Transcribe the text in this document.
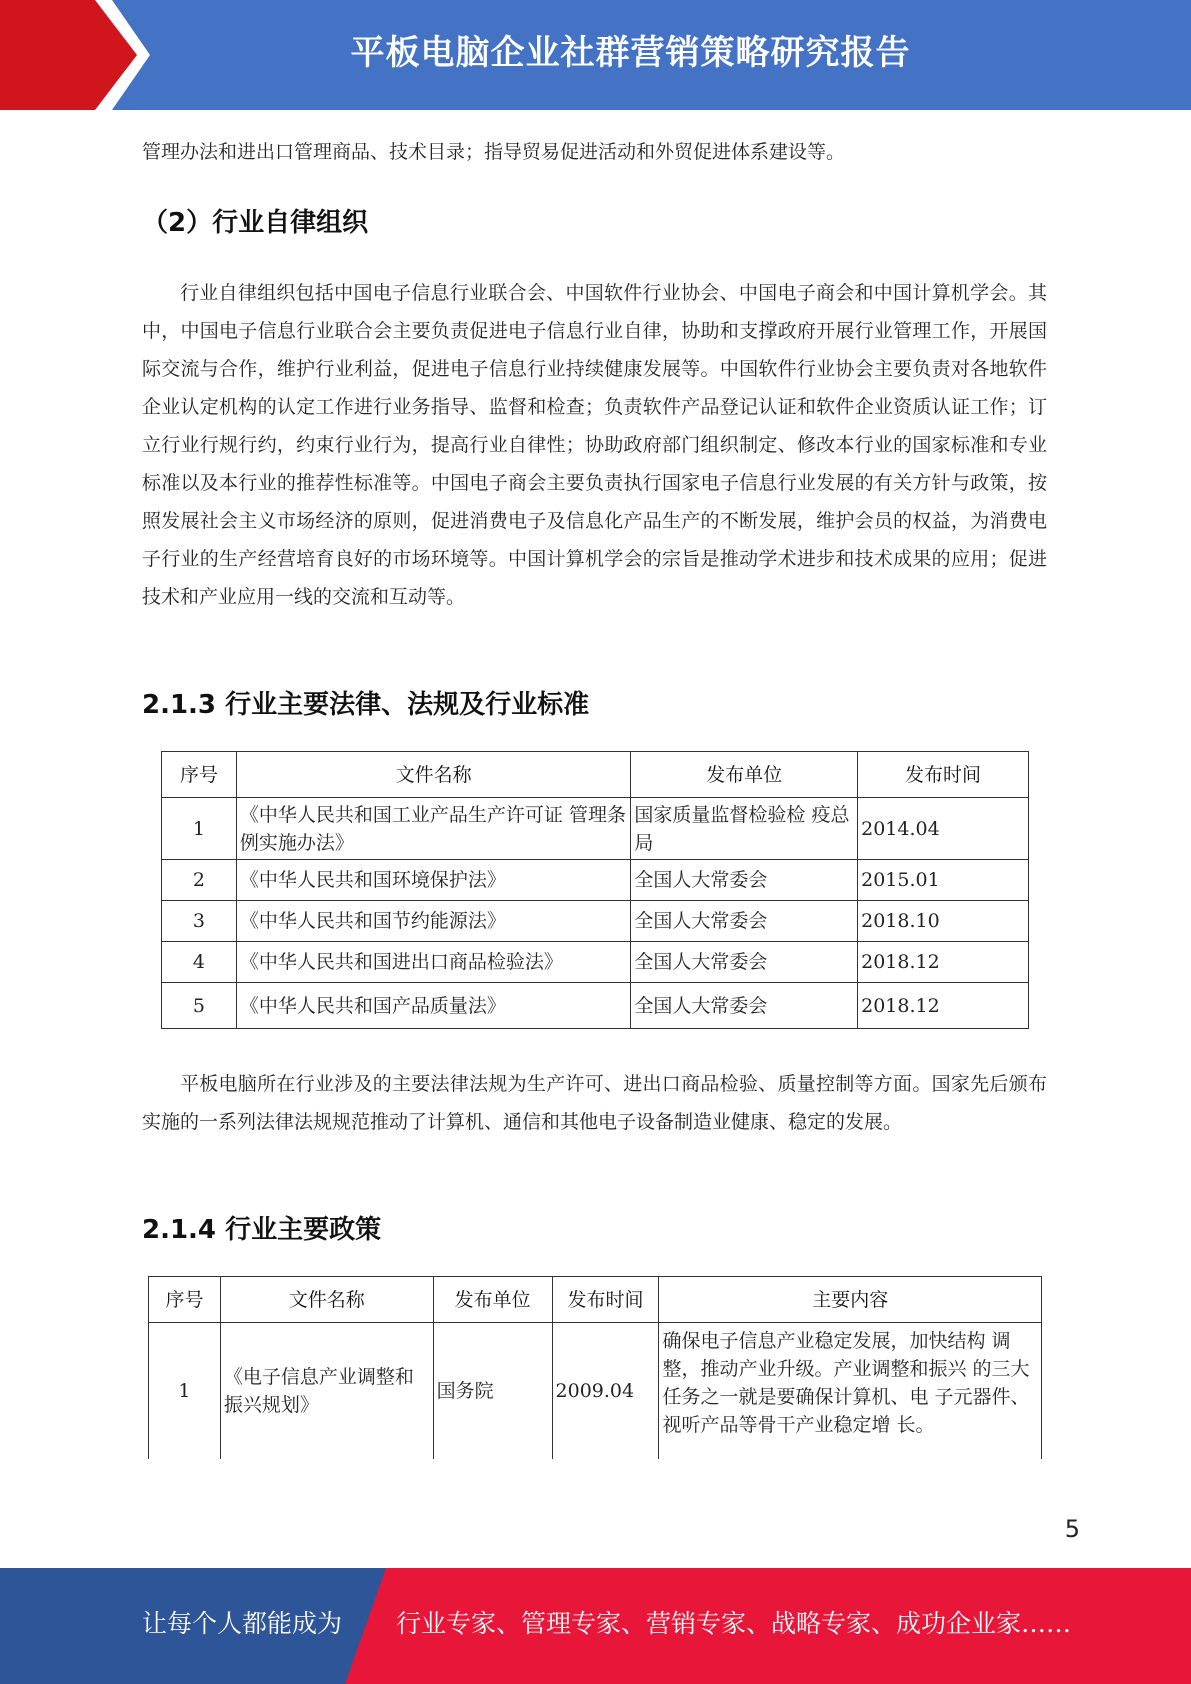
平板电脑企业社群营销策略研究报告

管理办法和进出口管理商品、技术目录；指导贸易促进活动和外贸促进体系建设等。

（2）行业自律组织

行业自律组织包括中国电子信息行业联合会、中国软件行业协会、中国电子商会和中国计算机学会。其中，中国电子信息行业联合会主要负责促进电子信息行业自律，协助和支撑政府开展行业管理工作，开展国际交流与合作，维护行业利益，促进电子信息行业持续健康发展等。中国软件行业协会主要负责对各地软件企业认定机构的认定工作进行业务指导、监督和检查；负责软件产品登记认证和软件企业资质认证工作；订立行业行规行约，约束行业行为，提高行业自律性；协助政府部门组织制定、修改本行业的国家标准和专业标准以及本行业的推荐性标准等。中国电子商会主要负责执行国家电子信息行业发展的有关方针与政策，按照发展社会主义市场经济的原则，促进消费电子及信息化产品生产的不断发展，维护会员的权益，为消费电子行业的生产经营培育良好的市场环境等。中国计算机学会的宗旨是推动学术进步和技术成果的应用；促进技术和产业应用一线的交流和互动等。

2.1.3 行业主要法律、法规及行业标准
序号	文件名称	发布单位	发布时间
1	《中华人民共和国工业产品生产许可证 管理条例实施办法》	国家质量监督检验检 疫总局	2014.04
2	《中华人民共和国环境保护法》	全国人大常委会	2015.01
3	《中华人民共和国节约能源法》	全国人大常委会	2018.10
4	《中华人民共和国进出口商品检验法》	全国人大常委会	2018.12
5	《中华人民共和国产品质量法》	全国人大常委会	2018.12

平板电脑所在行业涉及的主要法律法规为生产许可、进出口商品检验、质量控制等方面。国家先后颁布实施的一系列法律法规规范推动了计算机、通信和其他电子设备制造业健康、稳定的发展。

2.1.4 行业主要政策
序号	文件名称	发布单位	发布时间	主要内容
1	《电子信息产业调整和振兴规划》	国务院	2009.04	确保电子信息产业稳定发展，加快结构 调整，推动产业升级。产业调整和振兴 的三大任务之一就是要确保计算机、电 子元器件、视听产品等骨干产业稳定增 长。
5
让每个人都能成为 行业专家、管理专家、营销专家、战略专家、成功企业家……
